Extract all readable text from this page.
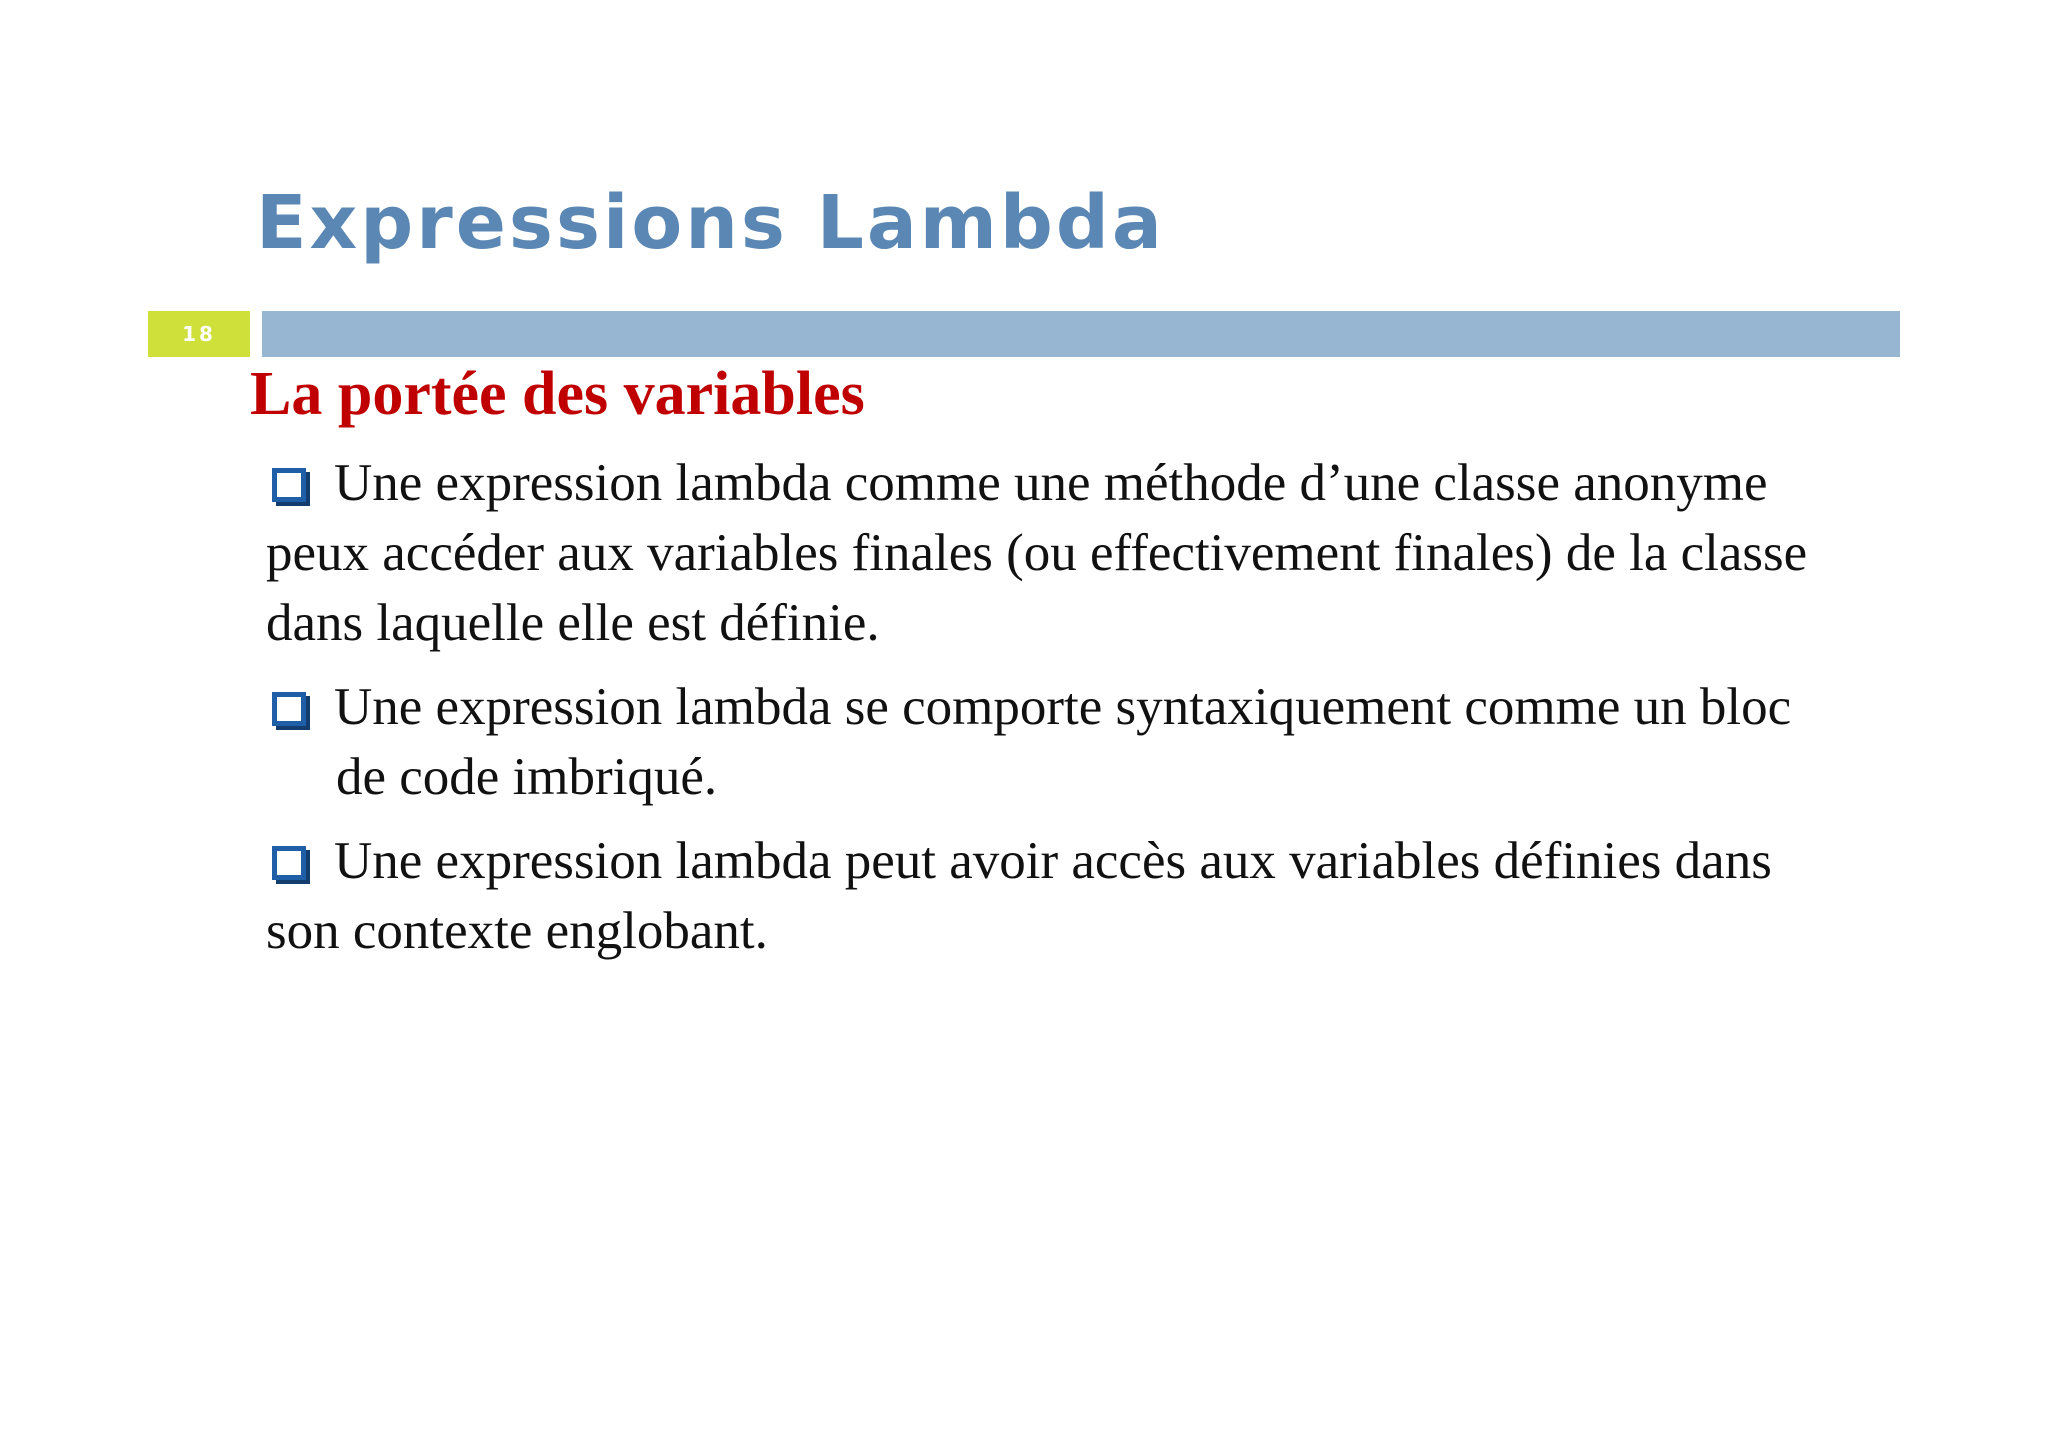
Expressions Lambda
18
La portée des variables
Une expression lambda comme une méthode d’une classe anonyme peux accéder aux variables finales (ou effectivement finales) de la classe dans laquelle elle est définie.
Une expression lambda se comporte syntaxiquement comme un bloc de code imbriqué.
Une expression lambda peut avoir accès aux variables définies dans son contexte englobant.
